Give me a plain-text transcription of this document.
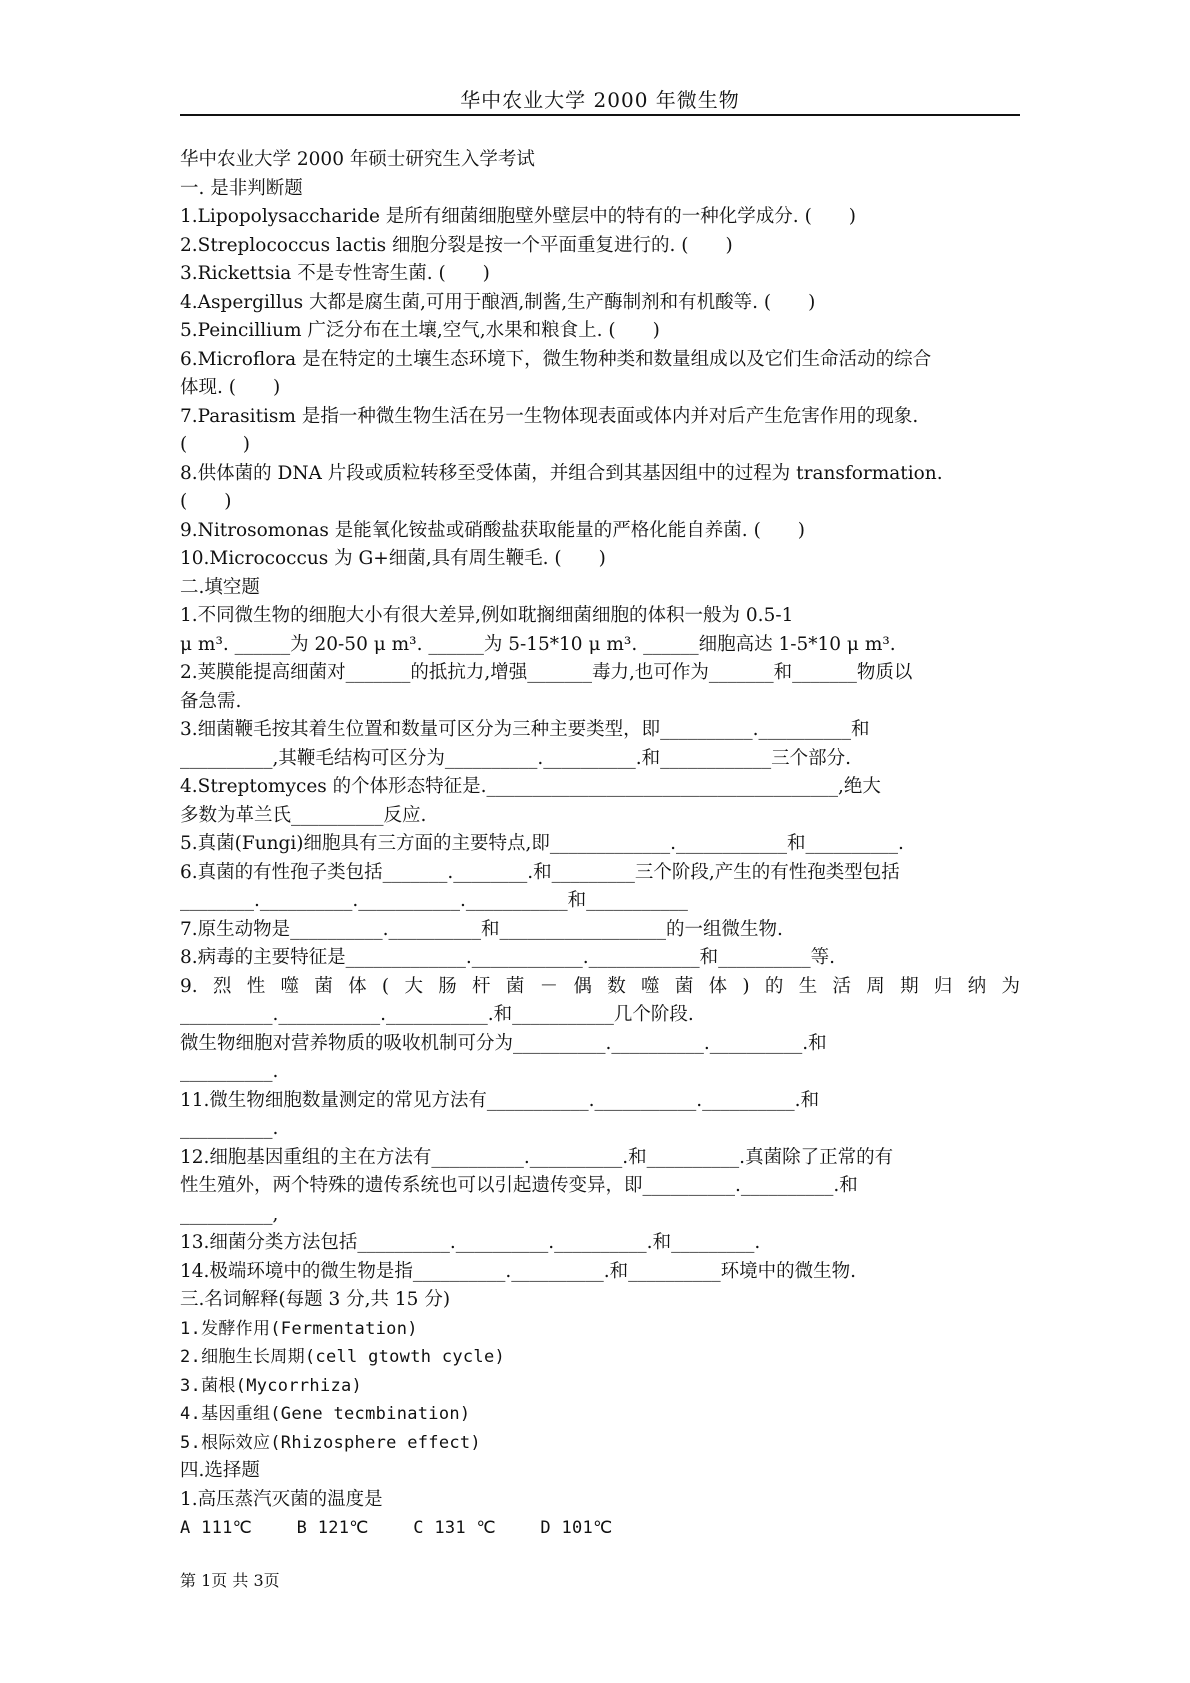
华中农业大学 2000 年微生物
华中农业大学 2000 年硕士研究生入学考试
一. 是非判断题
1.Lipopolysaccharide 是所有细菌细胞壁外壁层中的特有的一种化学成分. (　　)
2.Streplococcus lactis 细胞分裂是按一个平面重复进行的. (　　)
3.Rickettsia 不是专性寄生菌. (　　)
4.Aspergillus 大都是腐生菌,可用于酿酒,制酱,生产酶制剂和有机酸等. (　　)
5.Peincillium 广泛分布在土壤,空气,水果和粮食上. (　　)
6.Microflora 是在特定的土壤生态环境下，微生物种类和数量组成以及它们生命活动的综合
体现. (　　)
7.Parasitism 是指一种微生物生活在另一生物体现表面或体内并对后产生危害作用的现象.
(　　　)
8.供体菌的 DNA 片段或质粒转移至受体菌，并组合到其基因组中的过程为 transformation.
(　　)
9.Nitrosomonas 是能氧化铵盐或硝酸盐获取能量的严格化能自养菌. (　　)
10.Micrococcus 为 G+细菌,具有周生鞭毛. (　　)
二.填空题
1.不同微生物的细胞大小有很大差异,例如耽搁细菌细胞的体积一般为 0.5-1
μ m³. ______为 20-50 μ m³. ______为 5-15*10 μ m³. ______细胞高达 1-5*10 μ m³.
2.荚膜能提高细菌对_______的抵抗力,增强_______毒力,也可作为_______和_______物质以
备急需.
3.细菌鞭毛按其着生位置和数量可区分为三种主要类型，即__________.__________和
__________,其鞭毛结构可区分为__________.__________.和____________三个部分.
4.Streptomyces 的个体形态特征是.______________________________________,绝大
多数为革兰氏__________反应.
5.真菌(Fungi)细胞具有三方面的主要特点,即_____________.____________和__________.
6.真菌的有性孢子类包括_______.________.和_________三个阶段,产生的有性孢类型包括
________.__________.___________.___________和___________
7.原生动物是__________.__________和__________________的一组微生物.
8.病毒的主要特征是_____________.____________.____________和__________等.
9.烈性噬菌体(大肠杆菌－偶数噬菌体)的生活周期归纳为
__________.___________.___________.和___________几个阶段.
微生物细胞对营养物质的吸收机制可分为__________.__________.__________.和
__________.
11.微生物细胞数量测定的常见方法有___________.___________.__________.和
__________.
12.细胞基因重组的主在方法有__________.__________.和__________.真菌除了正常的有
性生殖外，两个特殊的遗传系统也可以引起遗传变异，即__________.__________.和
__________,
13.细菌分类方法包括__________.__________.__________.和_________.
14.极端环境中的微生物是指__________.__________.和__________环境中的微生物.
三.名词解释(每题 3 分,共 15 分)
1.发酵作用(Fermentation)
2.细胞生长周期(cell gtowth cycle)
3.菌根(Mycorrhiza)
4.基因重组(Gene tecmbination)
5.根际效应(Rhizosphere effect)
四.选择题
1.高压蒸汽灭菌的温度是
A 111℃	B 121℃	C 131 ℃	D 101℃
第 1页 共 3页
